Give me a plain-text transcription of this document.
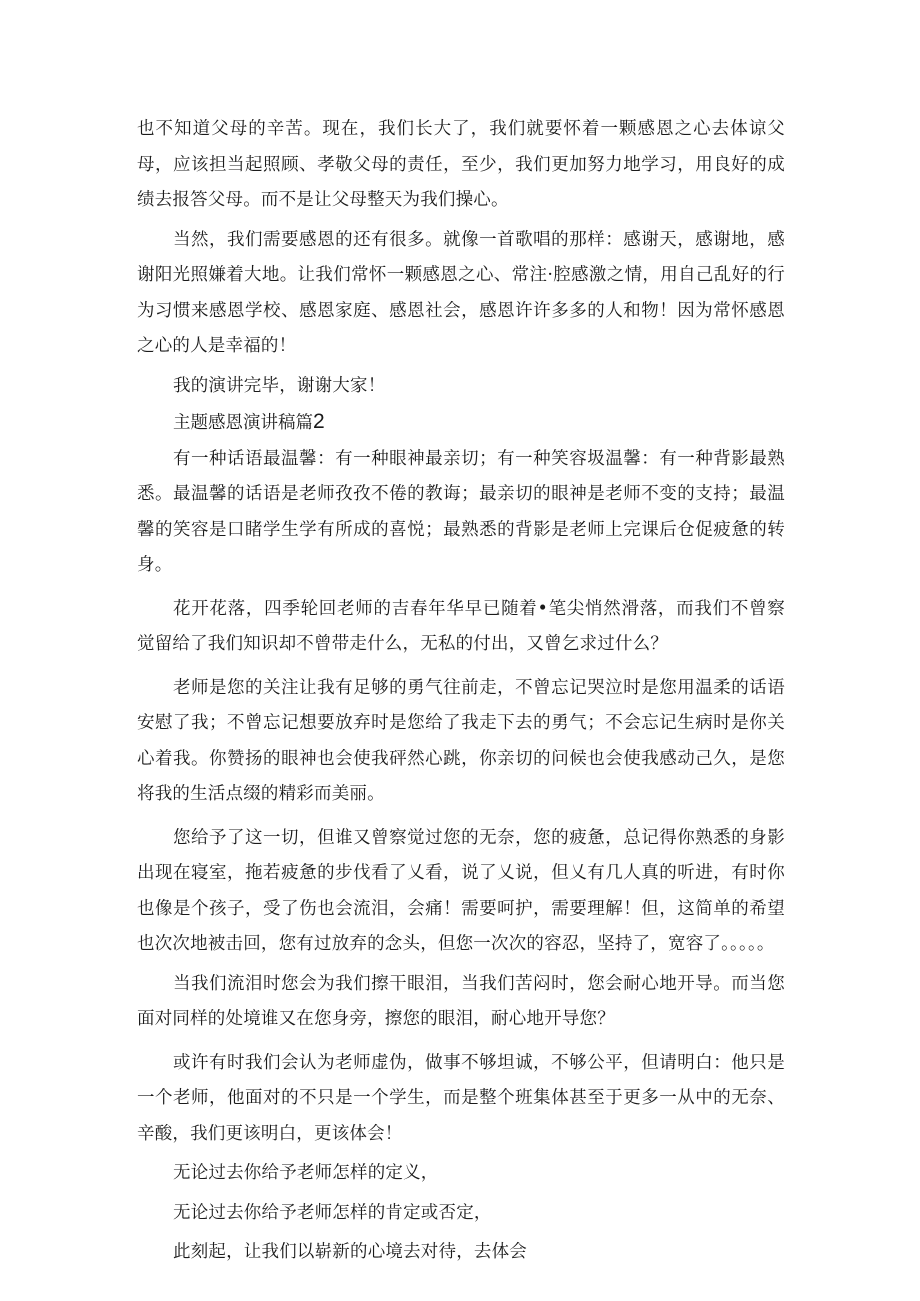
也不知道父母的辛苦。现在，我们长大了，我们就要怀着一颗感恩之心去体谅父母，应该担当起照顾、孝敬父母的责任，至少，我们更加努力地学习，用良好的成绩去报答父母。而不是让父母整天为我们操心。

当然，我们需要感恩的还有很多。就像一首歌唱的那样：感谢天，感谢地，感谢阳光照嫌着大地。让我们常怀一颗感恩之心、常注·腔感激之情，用自己乱好的行为习惯来感恩学校、感恩家庭、感恩社会，感恩许许多多的人和物！因为常怀感恩之心的人是幸福的！

我的演讲完毕，谢谢大家！

主题感恩演讲稿篇2

有一种话语最温馨：有一种眼神最亲切；有一种笑容圾温馨：有一种背影最熟悉。最温馨的话语是老师孜孜不倦的教诲；最亲切的眼神是老师不变的支持；最温馨的笑容是口睹学生学有所成的喜悦；最熟悉的背影是老师上完课后仓促疲惫的转身。

花开花落，四季轮回老师的吉春年华早已随着•笔尖悄然滑落，而我们不曾察觉留给了我们知识却不曾带走什么，无私的付出，又曾乞求过什么？

老师是您的关注让我有足够的勇气往前走，不曾忘记哭泣时是您用温柔的话语安慰了我；不曾忘记想要放弃时是您给了我走下去的勇气；不会忘记生病时是你关心着我。你赞扬的眼神也会使我砰然心跳，你亲切的问候也会使我感动己久，是您将我的生活点缀的精彩而美丽。

您给予了这一切，但谁又曾察觉过您的无奈，您的疲惫，总记得你熟悉的身影出现在寝室，拖若疲惫的步伐看了乂看，说了乂说，但乂有几人真的听进，有时你也像是个孩子，受了伤也会流泪，会痛！需要呵护，需要理解！但，这简单的希望也次次地被击回，您有过放弃的念头，但您一次次的容忍，坚持了，宽容了。。。。。

当我们流泪时您会为我们擦干眼泪，当我们苦闷时，您会耐心地开导。而当您面对同样的处境谁又在您身旁，擦您的眼泪，耐心地开导您？

或许有时我们会认为老师虚伪，做事不够坦诚，不够公平，但请明白：他只是一个老师，他面对的不只是一个学生，而是整个班集体甚至于更多一从中的无奈、辛酸，我们更该明白，更该体会！

无论过去你给予老师怎样的定义，

无论过去你给予老师怎样的肯定或否定，

此刻起，让我们以崭新的心境去对待，去体会
